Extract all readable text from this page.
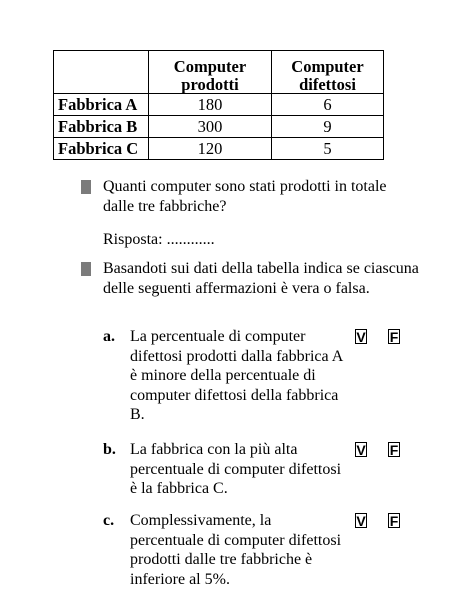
	Computer prodotti	Computer difettosi
Fabbrica A	180	6
Fabbrica B	300	9
Fabbrica C	120	5
Quanti computer sono stati prodotti in totale dalle tre fabbriche?
Risposta: ............
Basandoti sui dati della tabella indica se ciascuna delle seguenti affermazioni è vera o falsa.
a. La percentuale di computer difettosi prodotti dalla fabbrica A è minore della percentuale di computer difettosi della fabbrica B.
V F
b. La fabbrica con la più alta percentuale di computer difettosi è la fabbrica C.
V F
c. Complessivamente, la percentuale di computer difettosi prodotti dalle tre fabbriche è inferiore al 5%.
V F
